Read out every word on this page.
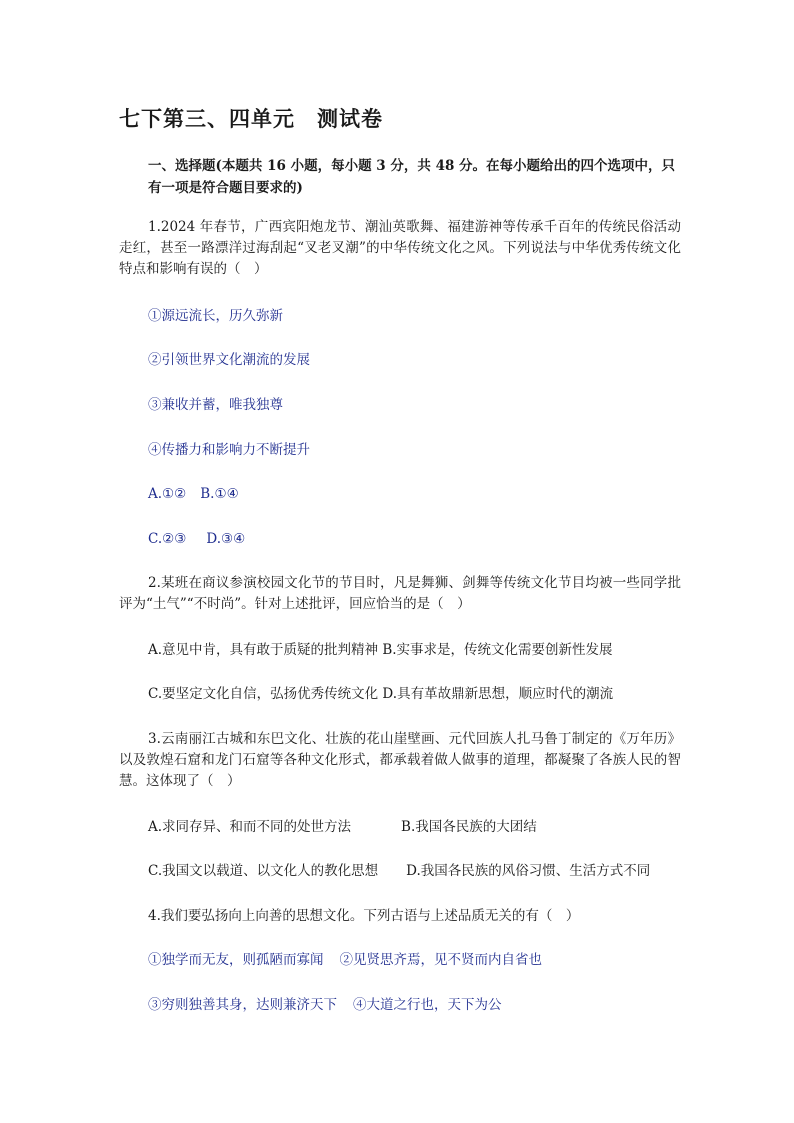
七下第三、四单元 测试卷
一、选择题(本题共 16 小题，每小题 3 分，共 48 分。在每小题给出的四个选项中，只有一项是符合题目要求的)
1.2024 年春节，广西宾阳炮龙节、潮汕英歌舞、福建游神等传承千百年的传统民俗活动走红，甚至一路漂洋过海刮起“叉老叉潮”的中华传统文化之风。下列说法与中华优秀传统文化特点和影响有误的（　）
①源远流长，历久弥新
②引领世界文化潮流的发展
③兼收并蓄，唯我独尊
④传播力和影响力不断提升
A.①② B.①④
C.②③ D.③④
2.某班在商议参演校园文化节的节目时，凡是舞狮、剑舞等传统文化节目均被一些同学批评为“土气”“不时尚”。针对上述批评，回应恰当的是（　）
A.意见中肯，具有敢于质疑的批判精神 B.实事求是，传统文化需要创新性发展
C.要坚定文化自信，弘扬优秀传统文化 D.具有革故鼎新思想，顺应时代的潮流
3.云南丽江古城和东巴文化、壮族的花山崖壁画、元代回族人扎马鲁丁制定的《万年历》以及敦煌石窟和龙门石窟等各种文化形式，都承载着做人做事的道理，都凝聚了各族人民的智慧。这体现了（　）
A.求同存异、和而不同的处世方法	B.我国各民族的大团结
C.我国文以载道、以文化人的教化思想 D.我国各民族的风俗习惯、生活方式不同
4.我们要弘扬向上向善的思想文化。下列古语与上述品质无关的有（　）
①独学而无友，则孤陋而寡闻 ②见贤思齐焉，见不贤而内自省也
③穷则独善其身，达则兼济天下 ④大道之行也，天下为公
